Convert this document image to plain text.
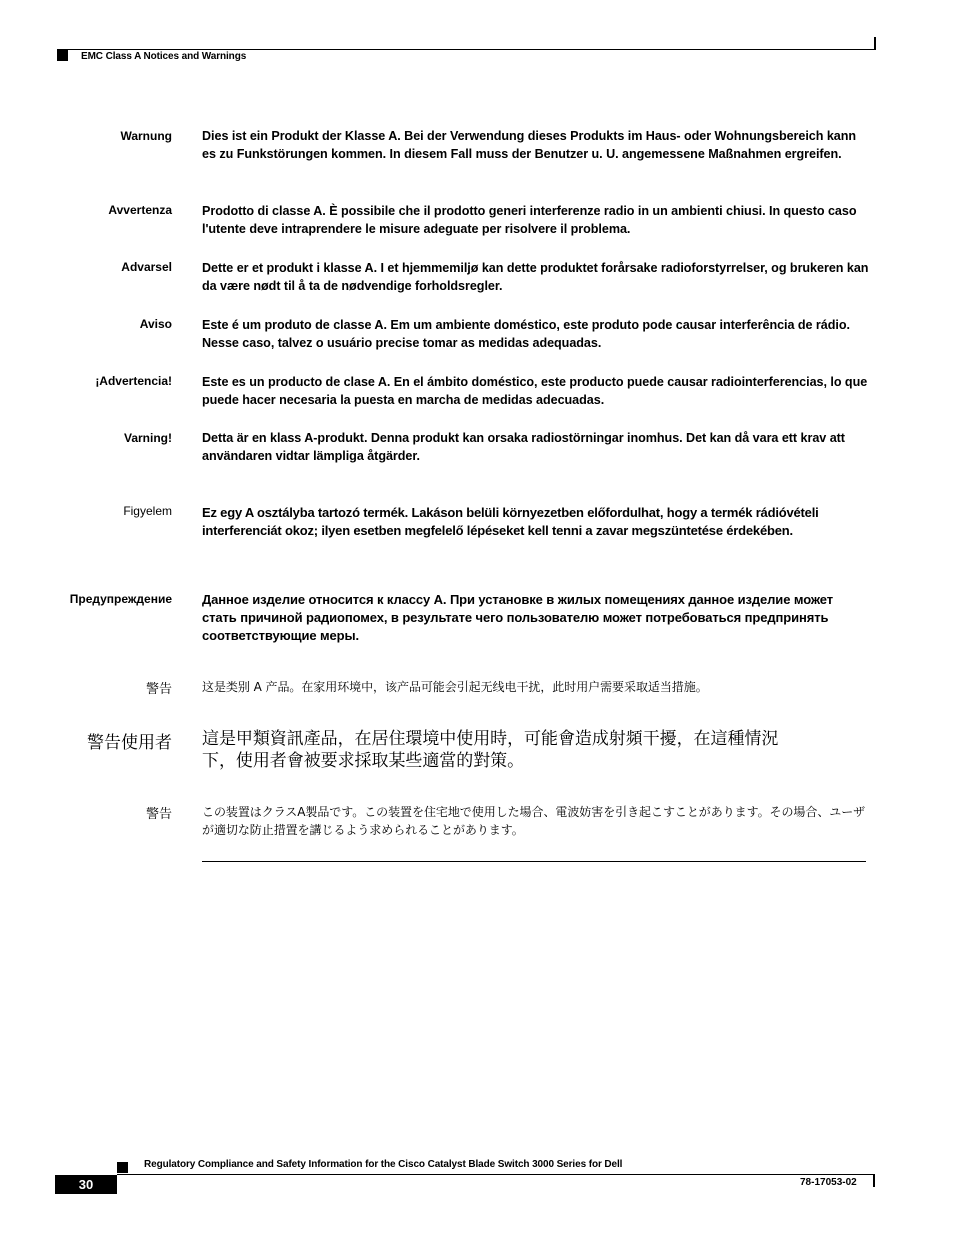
EMC Class A Notices and Warnings
Warnung Dies ist ein Produkt der Klasse A. Bei der Verwendung dieses Produkts im Haus- oder Wohnungsbereich kann es zu Funkstörungen kommen. In diesem Fall muss der Benutzer u. U. angemessene Maßnahmen ergreifen.
Avvertenza Prodotto di classe A. È possibile che il prodotto generi interferenze radio in un ambienti chiusi. In questo caso l'utente deve intraprendere le misure adeguate per risolvere il problema.
Advarsel Dette er et produkt i klasse A. I et hjemmemiljø kan dette produktet forårsake radioforstyrrelser, og brukeren kan da være nødt til å ta de nødvendige forholdsregler.
Aviso Este é um produto de classe A. Em um ambiente doméstico, este produto pode causar interferência de rádio. Nesse caso, talvez o usuário precise tomar as medidas adequadas.
¡Advertencia! Este es un producto de clase A. En el ámbito doméstico, este producto puede causar radiointerferencias, lo que puede hacer necesaria la puesta en marcha de medidas adecuadas.
Varning! Detta är en klass A-produkt. Denna produkt kan orsaka radiostörningar inomhus. Det kan då vara ett krav att användaren vidtar lämpliga åtgärder.
Figyelem Ez egy A osztályba tartozó termék. Lakáson belüli környezetben előfordulhat, hogy a termék rádióvételi interferenciát okoz; ilyen esetben megfelelő lépéseket kell tenni a zavar megszüntetése érdekében.
Предупреждение Данное изделие относится к классу А. При установке в жилых помещениях данное изделие может стать причиной радиопомех, в результате чего пользователю может потребоваться предпринять соответствующие меры.
警告	这是类别 A 产品。在家用环境中，该产品可能会引起无线电干扰，此时用户需要采取适当措施。
警告使用者 這是甲類資訊產品，在居住環境中使用時，可能會造成射頻干擾，在這種情況下，使用者會被要求採取某些適當的對策。
警告	この装置はクラスA製品です。この装置を住宅地で使用した場合、電波妨害を引き起こすことがあります。その場合、ユーザが適切な防止措置を講じるよう求められることがあります。
Regulatory Compliance and Safety Information for the Cisco Catalyst Blade Switch 3000 Series for Dell
30	78-17053-02
